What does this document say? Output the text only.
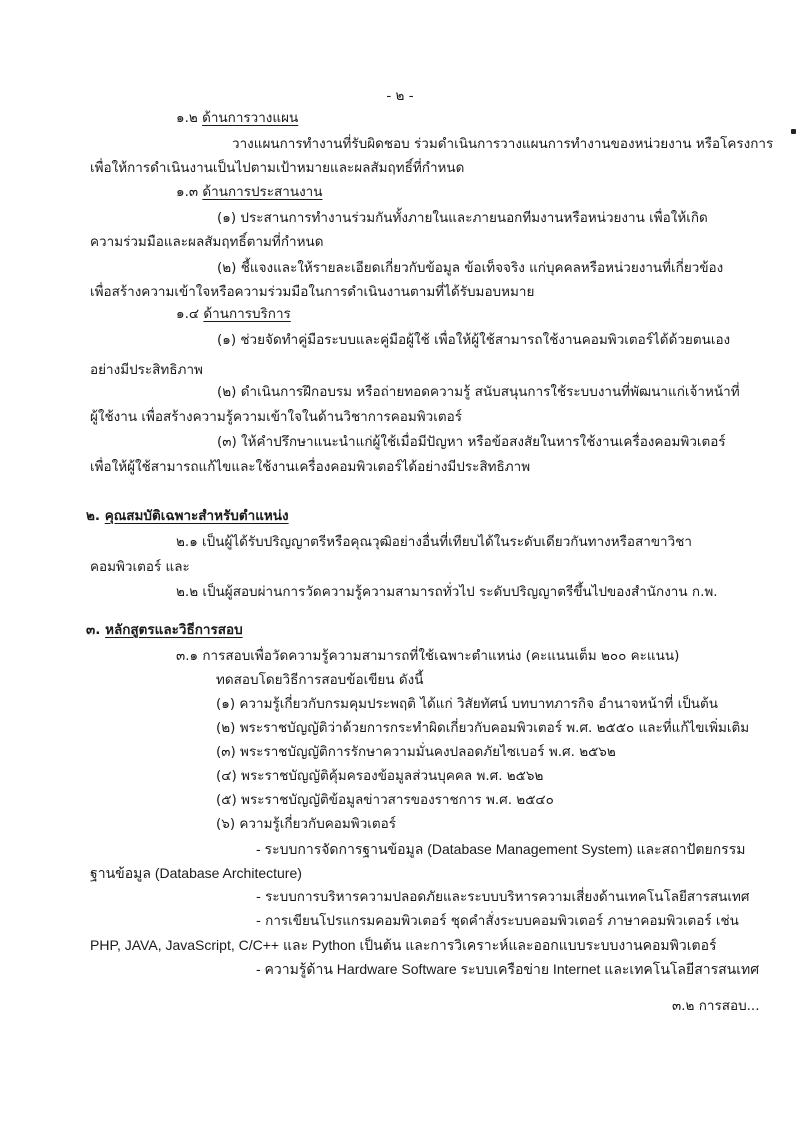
- ๒ -
๑.๒ ด้านการวางแผน
วางแผนการทำงานที่รับผิดชอบ ร่วมดำเนินการวางแผนการทำงานของหน่วยงาน หรือโครงการ
เพื่อให้การดำเนินงานเป็นไปตามเป้าหมายและผลสัมฤทธิ์ที่กำหนด
๑.๓ ด้านการประสานงาน
(๑) ประสานการทำงานร่วมกันทั้งภายในและภายนอกทีมงานหรือหน่วยงาน เพื่อให้เกิด
ความร่วมมือและผลสัมฤทธิ์ตามที่กำหนด
(๒) ชี้แจงและให้รายละเอียดเกี่ยวกับข้อมูล ข้อเท็จจริง แก่บุคคลหรือหน่วยงานที่เกี่ยวข้อง
เพื่อสร้างความเข้าใจหรือความร่วมมือในการดำเนินงานตามที่ได้รับมอบหมาย
๑.๔ ด้านการบริการ
(๑) ช่วยจัดทำคู่มือระบบและคู่มือผู้ใช้ เพื่อให้ผู้ใช้สามารถใช้งานคอมพิวเตอร์ได้ด้วยตนเอง
อย่างมีประสิทธิภาพ
(๒) ดำเนินการฝึกอบรม หรือถ่ายทอดความรู้ สนับสนุนการใช้ระบบงานที่พัฒนาแก่เจ้าหน้าที่
ผู้ใช้งาน เพื่อสร้างความรู้ความเข้าใจในด้านวิชาการคอมพิวเตอร์
(๓) ให้คำปรึกษาแนะนำแก่ผู้ใช้เมื่อมีปัญหา หรือข้อสงสัยในหารใช้งานเครื่องคอมพิวเตอร์
เพื่อให้ผู้ใช้สามารถแก้ไขและใช้งานเครื่องคอมพิวเตอร์ได้อย่างมีประสิทธิภาพ
๒. คุณสมบัติเฉพาะสำหรับตำแหน่ง
๒.๑ เป็นผู้ได้รับปริญญาตรีหรือคุณวุฒิอย่างอื่นที่เทียบได้ในระดับเดียวกันทางหรือสาขาวิชา
คอมพิวเตอร์ และ
๒.๒ เป็นผู้สอบผ่านการวัดความรู้ความสามารถทั่วไป ระดับปริญญาตรีขึ้นไปของสำนักงาน ก.พ.
๓. หลักสูตรและวิธีการสอบ
๓.๑ การสอบเพื่อวัดความรู้ความสามารถที่ใช้เฉพาะตำแหน่ง (คะแนนเต็ม ๒๐๐ คะแนน)
ทดสอบโดยวิธีการสอบข้อเขียน ดังนี้
(๑) ความรู้เกี่ยวกับกรมคุมประพฤติ ได้แก่ วิสัยทัศน์ บทบาทภารกิจ อำนาจหน้าที่ เป็นต้น
(๒) พระราชบัญญัติว่าด้วยการกระทำผิดเกี่ยวกับคอมพิวเตอร์ พ.ศ. ๒๕๕๐ และที่แก้ไขเพิ่มเติม
(๓) พระราชบัญญัติการรักษาความมั่นคงปลอดภัยไซเบอร์ พ.ศ. ๒๕๖๒
(๔) พระราชบัญญัติคุ้มครองข้อมูลส่วนบุคคล พ.ศ. ๒๕๖๒
(๕) พระราชบัญญัติข้อมูลข่าวสารของราชการ พ.ศ. ๒๕๔๐
(๖) ความรู้เกี่ยวกับคอมพิวเตอร์
- ระบบการจัดการฐานข้อมูล (Database Management System) และสถาปัตยกรรม
ฐานข้อมูล (Database Architecture)
- ระบบการบริหารความปลอดภัยและระบบบริหารความเสี่ยงด้านเทคโนโลยีสารสนเทศ
- การเขียนโปรแกรมคอมพิวเตอร์ ชุดคำสั่งระบบคอมพิวเตอร์ ภาษาคอมพิวเตอร์ เช่น
PHP, JAVA, JavaScript, C/C++ และ Python เป็นต้น และการวิเคราะห์และออกแบบระบบงานคอมพิวเตอร์
- ความรู้ด้าน Hardware Software ระบบเครือข่าย Internet และเทคโนโลยีสารสนเทศ
๓.๒ การสอบ...
